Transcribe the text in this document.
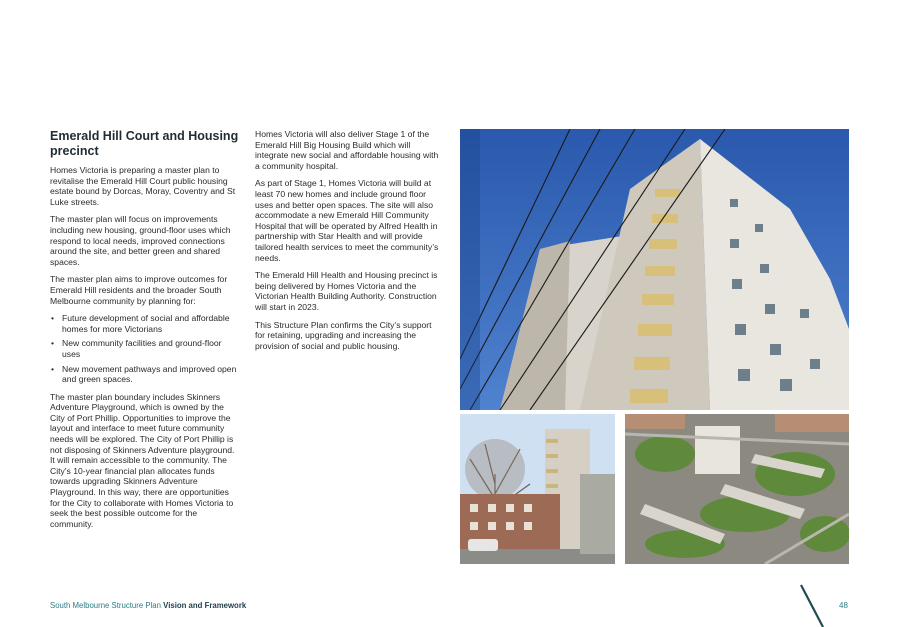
Emerald Hill Court and Housing precinct

Homes Victoria is preparing a master plan to revitalise the Emerald Hill Court public housing estate bound by Dorcas, Moray, Coventry and St Luke streets.

The master plan will focus on improvements including new housing, ground-floor uses which respond to local needs, improved connections around the site, and better green and shared spaces.

The master plan aims to improve outcomes for Emerald Hill residents and the broader South Melbourne community by planning for:

• Future development of social and affordable homes for more Victorians
• New community facilities and ground-floor uses
• New movement pathways and improved open and green spaces.

The master plan boundary includes Skinners Adventure Playground, which is owned by the City of Port Phillip. Opportunities to improve the layout and interface to meet future community needs will be explored. The City of Port Phillip is not disposing of Skinners Adventure playground. It will remain accessible to the community. The City’s 10-year financial plan allocates funds towards upgrading Skinners Adventure Playground. In this way, there are opportunities for the City to collaborate with Homes Victoria to seek the best possible outcome for the community.

Homes Victoria will also deliver Stage 1 of the Emerald Hill Big Housing Build which will integrate new social and affordable housing with a community hospital.

As part of Stage 1, Homes Victoria will build at least 70 new homes and include ground floor uses and better open spaces. The site will also accommodate a new Emerald Hill Community Hospital that will be operated by Alfred Health in partnership with Star Health and will provide tailored health services to meet the community’s needs.

The Emerald Hill Health and Housing precinct is being delivered by Homes Victoria and the Victorian Health Building Authority. Construction will start in 2023.

This Structure Plan confirms the City’s support for retaining, upgrading and increasing the provision of social and public housing.

South Melbourne Structure Plan Vision and Framework	48
